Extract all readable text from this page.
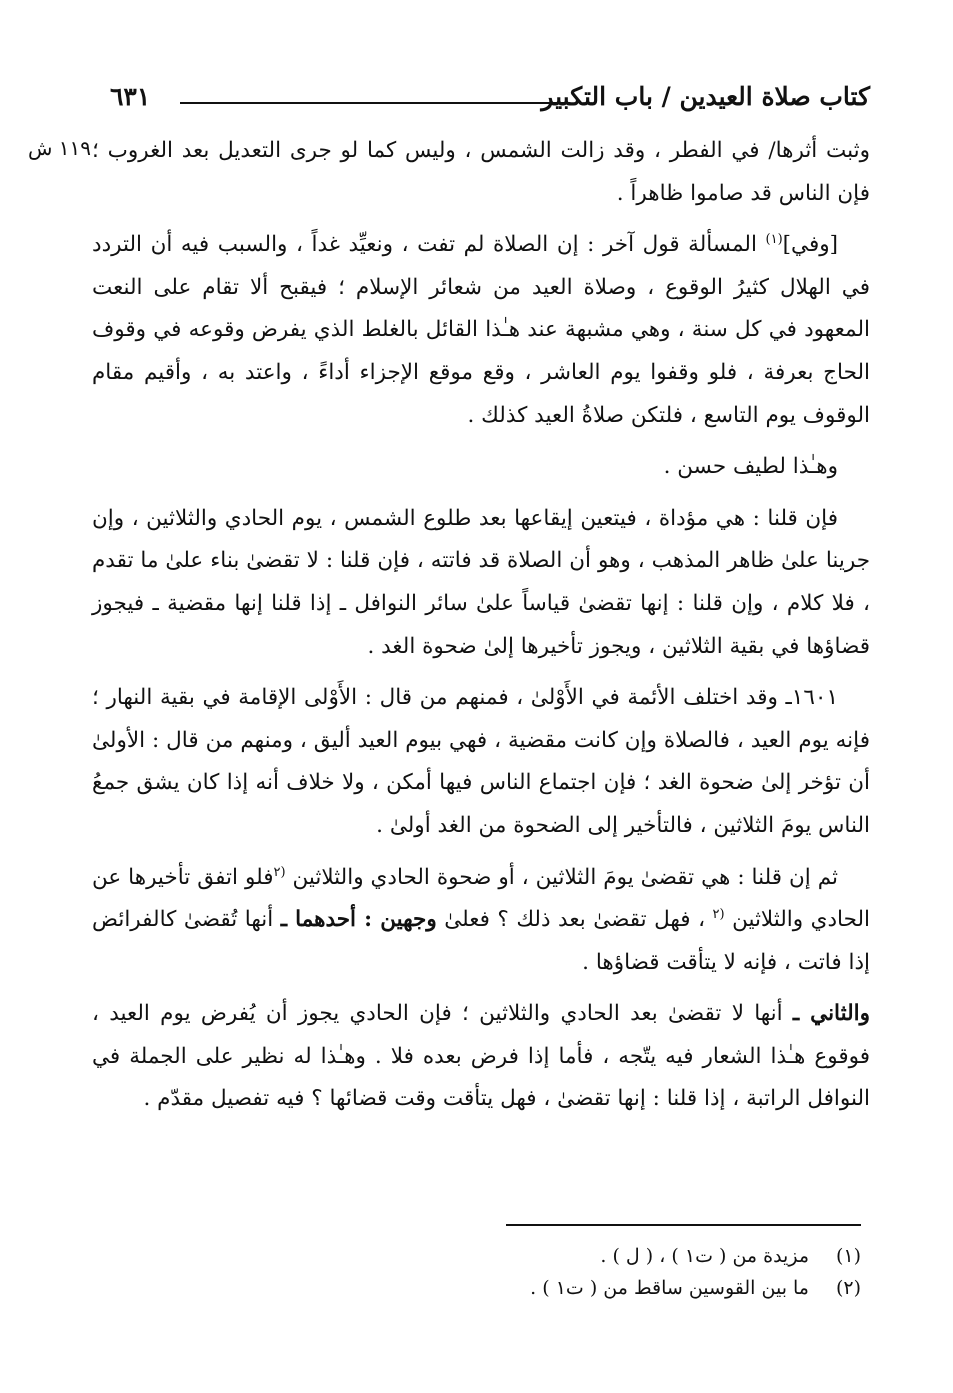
كتاب صلاة العيدين / باب التكبير
٦٣١
١١٩ ش وثبت أثرها/ في الفطر ، وقد زالت الشمس ، وليس كما لو جرى التعديل بعد الغروب ؛ فإن الناس قد صاموا ظاهراً .

[وفي]$^{(١)}$ المسألة قول آخر : إن الصلاة لم تفت ، ونعيِّد غداً ، والسبب فيه أن التردد في الهلال كثيرُ الوقوع ، وصلاة العيد من شعائر الإسلام ؛ فيقبح ألا تقام على النعت المعهود في كل سنة ، وهي مشبهة عند هـٰذا القائل بالغلط الذي يفرض وقوعه في وقوف الحاج بعرفة ، فلو وقفوا يوم العاشر ، وقع موقع الإجزاء أداءً ، واعتد به ، وأقيم مقام الوقوف يوم التاسع ، فلتكن صلاةُ العيد كذلك .

وهـٰذا لطيف حسن .

فإن قلنا : هي مؤداة ، فيتعين إيقاعها بعد طلوع الشمس ، يوم الحادي والثلاثين ، وإن جرينا علىٰ ظاهر المذهب ، وهو أن الصلاة قد فاتته ، فإن قلنا : لا تقضىٰ بناء علىٰ ما تقدم ، فلا كلام ، وإن قلنا : إنها تقضىٰ قياساً علىٰ سائر النوافل ـ إذا قلنا إنها مقضية ـ فيجوز قضاؤها في بقية الثلاثين ، ويجوز تأخيرها إلىٰ ضحوة الغد .

١٦٠١ـ وقد اختلف الأئمة في الأَوْلىٰ ، فمنهم من قال : الأَوْلى الإقامة في بقية النهار ؛ فإنه يوم العيد ، فالصلاة وإن كانت مقضية ، فهي بيوم العيد أليق ، ومنهم من قال : الأولىٰ أن تؤخر إلىٰ ضحوة الغد ؛ فإن اجتماع الناس فيها أمكن ، ولا خلاف أنه إذا كان يشق جمعُ الناس يومَ الثلاثين ، فالتأخير إلى الضحوة من الغد أولىٰ .

ثم إن قلنا : هي تقضىٰ يومَ الثلاثين ، أو ضحوة الحادي والثلاثين $^{(٢}$فلو اتفق تأخيرها عن الحادي والثلاثين $^{(٢}$ ، فهل تقضىٰ بعد ذلك ؟ فعلىٰ وجهين : أحدهما ـ أنها تُقضىٰ كالفرائض إذا فاتت ، فإنه لا يتأقت قضاؤها .

والثاني ـ أنها لا تقضىٰ بعد الحادي والثلاثين ؛ فإن الحادي يجوز أن يُفرض يوم العيد ، فوقوع هـٰذا الشعار فيه يتّجه ، فأما إذا فرض بعده فلا . وهـٰذا له نظير على الجملة في النوافل الراتبة ، إذا قلنا : إنها تقضىٰ ، فهل يتأقت وقت قضائها ؟ فيه تفصيل مقدّم .

(١)
مزيدة من ( ت١ ) ، ( ل ) .
(٢)
ما بين القوسين ساقط من ( ت١ ) .
